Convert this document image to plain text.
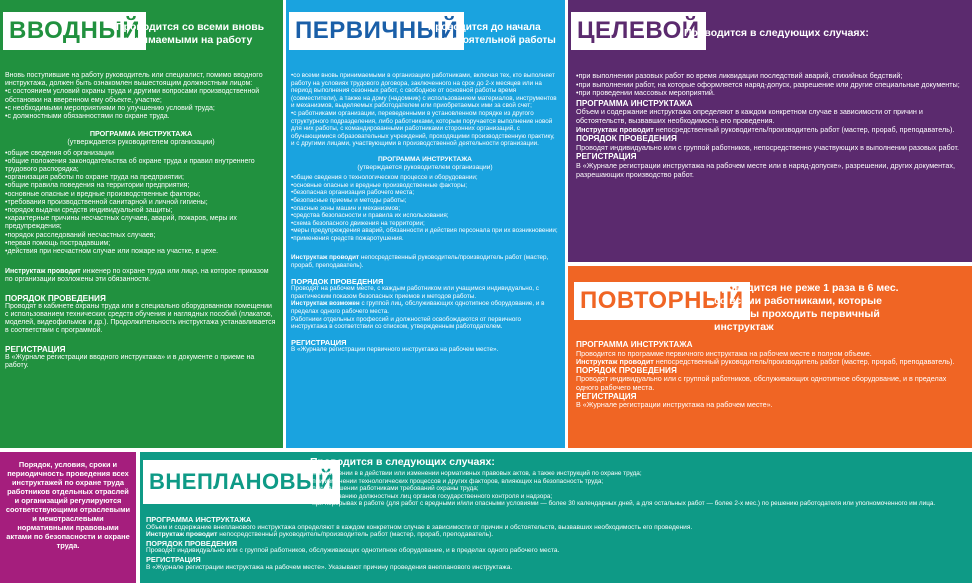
ВВОДНЫЙ
Проводится со всеми вновь принимаемыми на работу

Вновь поступившие на работу руководитель или специалист, помимо вводного инструктажа, должен быть ознакомлен вышестоящим должностным лицом:

• с состоянием условий охраны труда и другими вопросами производственной обстановки на вверенном ему объекте, участке;
• с необходимыми мероприятиями по улучшению условий труда;
• с должностными обязанностями по охране труда.
ПРОГРАММА ИНСТРУКТАЖА
(утверждается руководителем организации)
• общие сведения об организации
• общие положения законодательства об охране труда и правил внутреннего трудового распорядка;
• организация работы по охране труда на предприятии;
• общие правила поведения на территории предприятия;
• основные опасные и вредные производственные факторы;
• требования производственной санитарной и личной гигиены;
• порядок выдачи средств индивидуальной защиты;
• характерные причины несчастных случаев, аварий, пожаров, меры их предупреждения;
• порядок расследований несчастных случаев;
• первая помощь пострадавшим;
• действия при несчастном случае или пожаре на участке, в цехе.

Инструктаж проводит инженер по охране труда или лицо, на которое приказом по организации возложены эти обязанности.

ПОРЯДОК ПРОВЕДЕНИЯ

Проводят в кабинете охраны труда или в специально оборудованном помещении с использованием технических средств обучения и наглядных пособий (плакатов, моделей, видеофильмов и др.). Продолжительность инструктажа устанавливается в соответствии с программой.

РЕГИСТРАЦИЯ

В «Журнале регистрации вводного инструктажа» и в документе о приеме на работу.

ПЕРВИЧНЫЙ
Проводится до начала самостоятельной работы
• со всеми вновь принимаемыми в организацию работниками, включая тех, кто выполняет работу на условиях трудового договора, заключенного на срок до 2-х месяцев или на период выполнения сезонных работ, с свободное от основной работы время (совместители), а также на дому (надомник) с использованием материалов, инструментов и механизмов, выделяемых работодателем или приобретаемых ими за свой счет;
• с работниками организации, переведенными в установленном порядке из другого структурного подразделения, либо работниками, которым поручается выполнение новой для них работы, с командированными работниками сторонних организаций, с обучающимися образовательных учреждений, проходящими производственную практику, и с другими лицами, участвующими в производственной деятельности организации.
ПРОГРАММА ИНСТРУКТАЖА
(утверждается руководителем организации)
• общие сведения о технологическом процессе и оборудовании;
• основные опасные и вредные производственные факторы;
• безопасная организация рабочего места;
• безопасные приемы и методы работы;
• опасные зоны машин и механизмов;
• средства безопасности и правила их использования;
• схема безопасного движения на территории;
• меры предупреждения аварий, обязанности и действия персонала при их возникновении;
• применения средств пожаротушения.

Инструктаж проводит непосредственный руководитель/производитель работ (мастер, прораб, преподаватель).

ПОРЯДОК ПРОВЕДЕНИЯ

Проводят на рабочем месте, с каждым работником или учащимся индивидуально, с практическим показом безопасных приемов и методов работы.

Инструктаж возможен с группой лиц, обслуживающих однотипное оборудование, и в пределах одного рабочего места.

Работники отдельных профессий и должностей освобождаются от первичного инструктажа в соответствии со списком, утвержденным работодателем.

РЕГИСТРАЦИЯ

В «Журнале регистрации первичного инструктажа на рабочем месте».

ЦЕЛЕВОЙ
Проводится в следующих случаях:
• при выполнении разовых работ во время ликвидации последствий аварий, стихийных бедствий;
• при выполнении работ, на которые оформляется наряд-допуск, разрешение или другие специальные документы;
• при проведении массовых мероприятий.
ПРОГРАММА ИНСТРУКТАЖА

Объем и содержание инструктажа определяют в каждом конкретном случае в зависимости от причин и обстоятельств, вызвавших необходимость его проведения.

Инструктаж проводит непосредственный руководитель/производитель работ (мастер, прораб, преподаватель).

ПОРЯДОК ПРОВЕДЕНИЯ

Проводят индивидуально или с группой работников, непосредственно участвующих в выполнении разовых работ.

РЕГИСТРАЦИЯ

В «Журнале регистрации инструктажа на рабочем месте или в наряд-допуске», разрешении, других документах, разрешающих производство работ.

ПОВТОРНЫЙ
Проводится не реже 1 раза в 6 мес. со всеми работниками, которые обязаны проходить первичный инструктаж
ПРОГРАММА ИНСТРУКТАЖА

Проводится по программе первичного инструктажа на рабочем месте в полном объеме.

Инструктаж проводит непосредственный руководитель/производитель работ (мастер, прораб, преподаватель).

ПОРЯДОК ПРОВЕДЕНИЯ

Проводят индивидуально или с группой работников, обслуживающих однотипное оборудование, и в пределах одного рабочего места.

РЕГИСТРАЦИЯ

В «Журнале регистрации инструктажа на рабочем месте».

Порядок, условия, сроки и периодичность проведения всех инструктажей по охране труда работников отдельных отраслей и организаций регулируются соответствующими отраслевыми и межотраслевыми нормативными правовыми актами по безопасности и охране труда.
ВНЕПЛАНОВЫЙ
Проводится в следующих случаях:
• при введении в в действии или изменении нормативных правовых актов, а также инструкций по охране труда;
• при изменении технологических процессов и других факторов, влияющих на безопасность труда;
• при нарушении работниками требований охраны труда;
• по требованию должностных лиц органов государственного контроля и надзора;
• при перерывах в работе (для работ с вредными и/или опасными условиями — более 30 календарных дней, а для остальных работ — более 2-х мес.) по решению работодателя или уполномоченного им лица.
ПРОГРАММА ИНСТРУКТАЖА

Объем и содержание внепланового инструктажа определяют в каждом конкретном случае в зависимости от причин и обстоятельств, вызвавших необходимость его проведения.

Инструктаж проводит непосредственный руководитель/производитель работ (мастер, прораб, преподаватель).

ПОРЯДОК ПРОВЕДЕНИЯ

Проводят индивидуально или с группой работников, обслуживающих однотипное оборудование, и в пределах одного рабочего места.

РЕГИСТРАЦИЯ

В «Журнале регистрации инструктажа на рабочем месте». Указывают причину проведения внепланового инструктажа.
